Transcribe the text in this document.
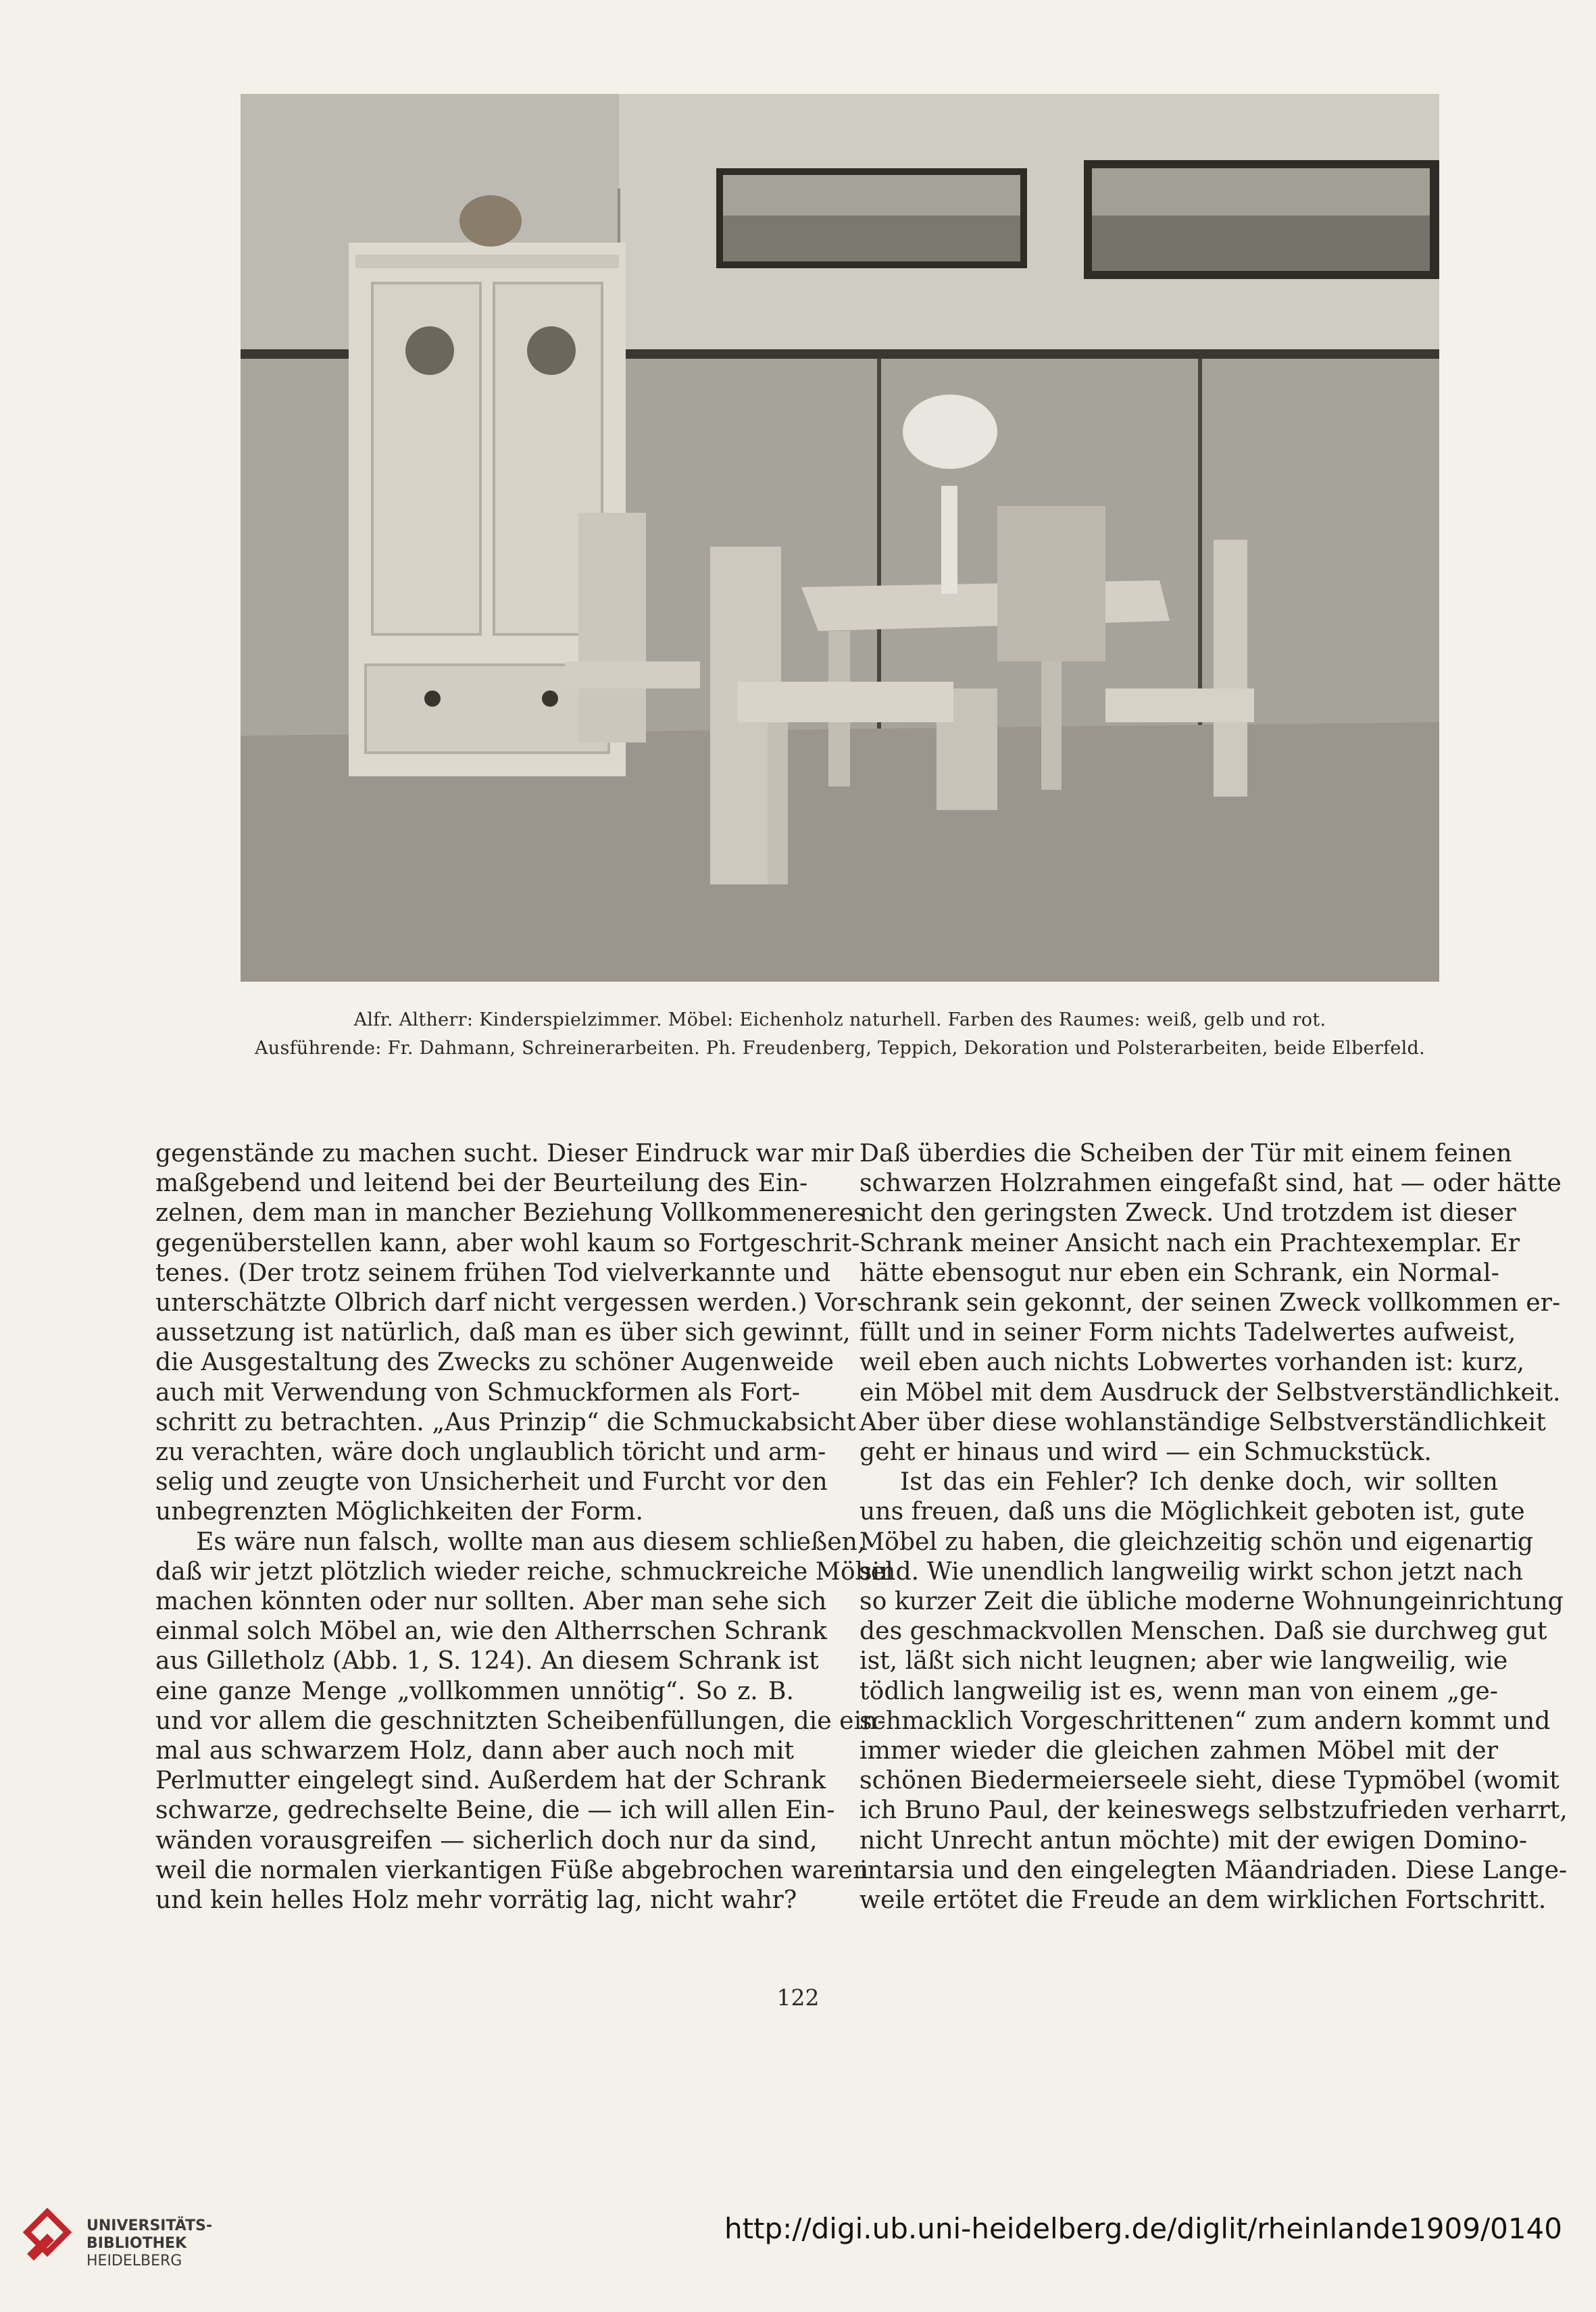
Alfr. Altherr: Kinderspielzimmer. Möbel: Eichenholz naturhell. Farben des Raumes: weiß, gelb und rot.
Ausführende: Fr. Dahmann, Schreinerarbeiten. Ph. Freudenberg, Teppich, Dekoration und Polsterarbeiten, beide Elberfeld.

gegenstände zu machen sucht. Dieser Eindruck war mir

maßgebend und leitend bei der Beurteilung des Ein-

zelnen, dem man in mancher Beziehung Vollkommeneres

gegenüberstellen kann, aber wohl kaum so Fortgeschrit-

tenes. (Der trotz seinem frühen Tod vielverkannte und

unterschätzte Olbrich darf nicht vergessen werden.) Vor-

aussetzung ist natürlich, daß man es über sich gewinnt,

die Ausgestaltung des Zwecks zu schöner Augenweide

auch mit Verwendung von Schmuckformen als Fort-

schritt zu betrachten. „Aus Prinzip“ die Schmuckabsicht

zu verachten, wäre doch unglaublich töricht und arm-

selig und zeugte von Unsicherheit und Furcht vor den

unbegrenzten Möglichkeiten der Form.

Es wäre nun falsch, wollte man aus diesem schließen,

daß wir jetzt plötzlich wieder reiche, schmuckreiche Möbel

machen könnten oder nur sollten. Aber man sehe sich

einmal solch Möbel an, wie den Altherrschen Schrank

aus Gilletholz (Abb. 1, S. 124). An diesem Schrank ist

eine ganze Menge „vollkommen unnötig“. So z. B.

und vor allem die geschnitzten Scheibenfüllungen, die ein-

mal aus schwarzem Holz, dann aber auch noch mit

Perlmutter eingelegt sind. Außerdem hat der Schrank

schwarze, gedrechselte Beine, die — ich will allen Ein-

wänden vorausgreifen — sicherlich doch nur da sind,

weil die normalen vierkantigen Füße abgebrochen waren

und kein helles Holz mehr vorrätig lag, nicht wahr?

Daß überdies die Scheiben der Tür mit einem feinen

schwarzen Holzrahmen eingefaßt sind, hat — oder hätte

nicht den geringsten Zweck. Und trotzdem ist dieser

Schrank meiner Ansicht nach ein Prachtexemplar. Er

hätte ebensogut nur eben ein Schrank, ein Normal-

schrank sein gekonnt, der seinen Zweck vollkommen er-

füllt und in seiner Form nichts Tadelwertes aufweist,

weil eben auch nichts Lobwertes vorhanden ist: kurz,

ein Möbel mit dem Ausdruck der Selbstverständlichkeit.

Aber über diese wohlanständige Selbstverständlichkeit

geht er hinaus und wird — ein Schmuckstück.

Ist das ein Fehler? Ich denke doch, wir sollten

uns freuen, daß uns die Möglichkeit geboten ist, gute

Möbel zu haben, die gleichzeitig schön und eigenartig

sind. Wie unendlich langweilig wirkt schon jetzt nach

so kurzer Zeit die übliche moderne Wohnungeinrichtung

des geschmackvollen Menschen. Daß sie durchweg gut

ist, läßt sich nicht leugnen; aber wie langweilig, wie

tödlich langweilig ist es, wenn man von einem „ge-

schmacklich Vorgeschrittenen“ zum andern kommt und

immer wieder die gleichen zahmen Möbel mit der

schönen Biedermeierseele sieht, diese Typmöbel (womit

ich Bruno Paul, der keineswegs selbstzufrieden verharrt,

nicht Unrecht antun möchte) mit der ewigen Domino-

intarsia und den eingelegten Mäandriaden. Diese Lange-

weile ertötet die Freude an dem wirklichen Fortschritt.

122
UNIVERSITÄTS-
BIBLIOTHEK
HEIDELBERG
http://digi.ub.uni-heidelberg.de/diglit/rheinlande1909/0140
